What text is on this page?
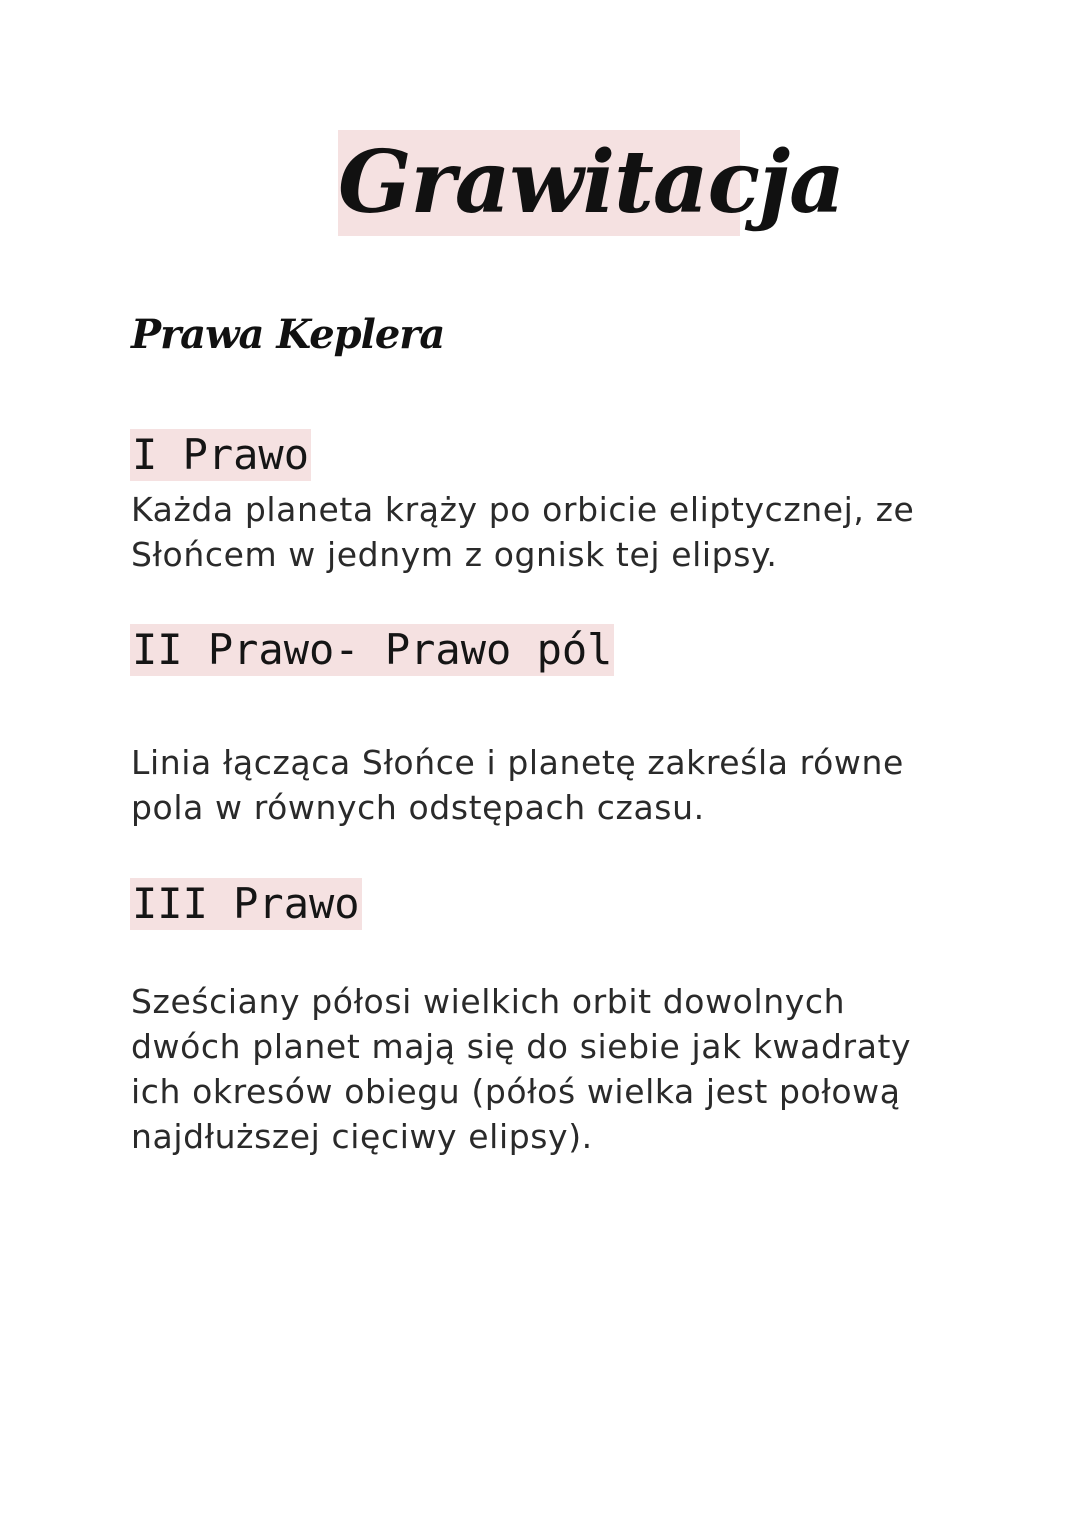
Grawitacja
Prawa Keplera
I Prawo
Każda planeta krąży po orbicie eliptycznej, ze
Słońcem w jednym z ognisk tej elipsy.
II Prawo- Prawo pól
Linia łącząca Słońce i planetę zakreśla równe
pola w równych odstępach czasu.
III Prawo
Sześciany półosi wielkich orbit dowolnych
dwóch planet mają się do siebie jak kwadraty
ich okresów obiegu (półoś wielka jest połową
najdłuższej cięciwy elipsy).
